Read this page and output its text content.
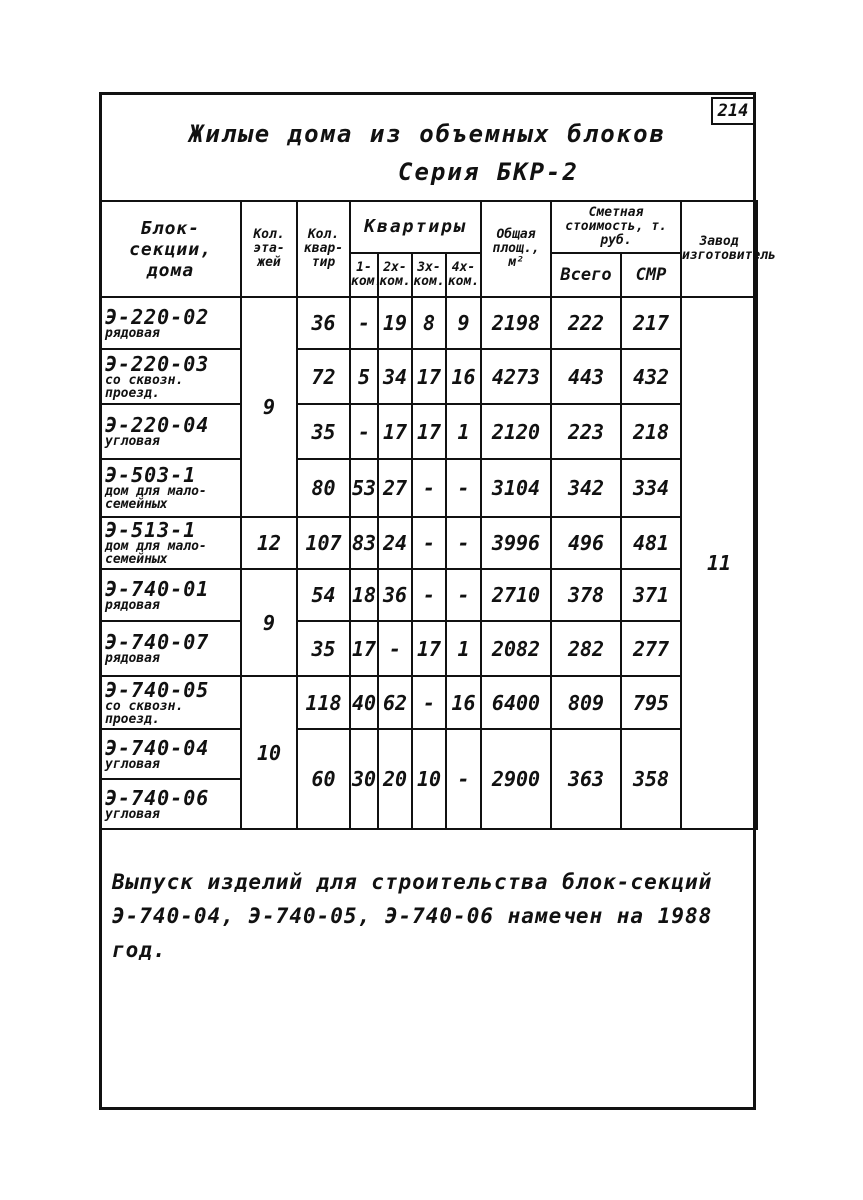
214
Жилые дома из объемных блоков
Серия БКР-2
Блок-секции, дома	Кол. эта-жей	Кол. квар-тир	Квартиры				Общая площ., м²	Сметная стоимость, т. руб.		Завод изготовитель
			1-ком.	2х-ком.	3х-ком.	4х-ком.		Всего	СМР	

Э-220-02
рядовая	9	36	-	19	8	9	2198	222	217	11

Э-220-03
со сквозн. проезд.		72	5	34	17	16	4273	443	432	

Э-220-04
угловая		35	-	17	17	1	2120	223	218	

Э-503-1
дом для мало-семейных		80	53	27	-	-	3104	342	334	

Э-513-1
дом для мало-семейных	12	107	83	24	-	-	3996	496	481	

Э-740-01
рядовая	9	54	18	36	-	-	2710	378	371	

Э-740-07
рядовая		35	17	-	17	1	2082	282	277	

Э-740-05
со сквозн. проезд.	10	118	40	62	-	16	6400	809	795	

Э-740-04
угловая		60	30	20	10	-	2900	363	358	

Э-740-06
угловая										
Выпуск изделий для строительства блок-секций Э-740-04, Э-740-05, Э-740-06 намечен на 1988 год.
